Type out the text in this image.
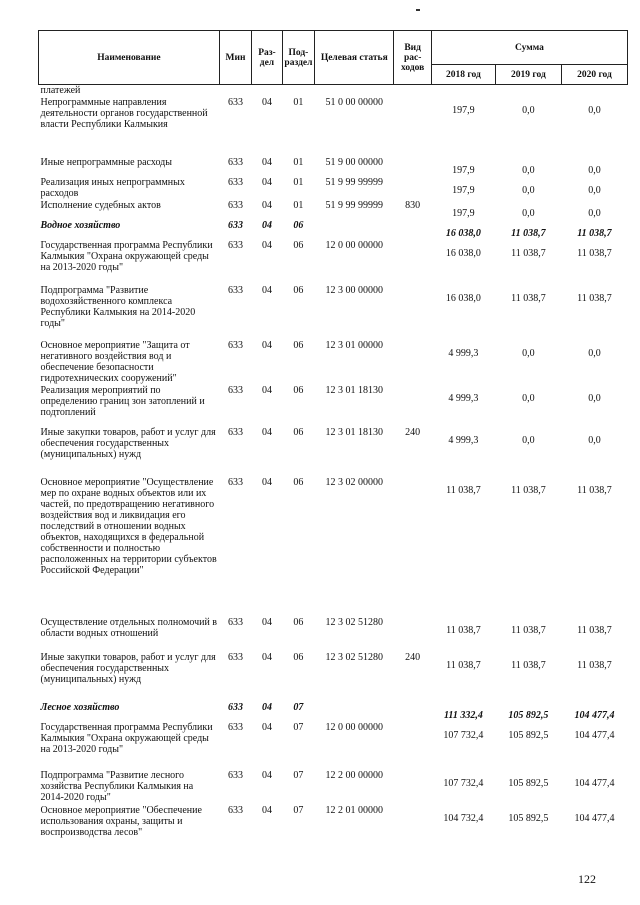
Наименование	Мин	Раз-дел	Под-раздел	Целевая статья	Вид рас-ходов	Сумма		
						2018 год	2019 год	2020 год
платежей								
Непрограммные направления деятельности органов государственной власти Республики Калмыкия	633	04	01	51 0 00 00000		197,9	0,0	0,0
Иные непрограммные расходы	633	04	01	51 9 00 00000		197,9	0,0	0,0
Реализация иных непрограммных расходов	633	04	01	51 9 99 99999		197,9	0,0	0,0
Исполнение судебных актов	633	04	01	51 9 99 99999	830	197,9	0,0	0,0
Водное хозяйство	633	04	06			16 038,0	11 038,7	11 038,7
Государственная программа Республики Калмыкия "Охрана окружающей среды на 2013-2020 годы"	633	04	06	12 0 00 00000		16 038,0	11 038,7	11 038,7
Подпрограмма "Развитие водохозяйственного комплекса Республики Калмыкия на 2014-2020 годы"	633	04	06	12 3 00 00000		16 038,0	11 038,7	11 038,7
Основное мероприятие "Защита от негативного воздействия вод и обеспечение безопасности гидротехнических сооружений"	633	04	06	12 3 01 00000		4 999,3	0,0	0,0
Реализация мероприятий по определению границ зон затоплений и подтоплений	633	04	06	12 3 01 18130		4 999,3	0,0	0,0
Иные закупки товаров, работ и услуг для обеспечения государственных (муниципальных) нужд	633	04	06	12 3 01 18130	240	4 999,3	0,0	0,0
Основное мероприятие "Осуществление мер по охране водных объектов или их частей, по предотвращению негативного воздействия вод и ликвидация его последствий в отношении водных объектов, находящихся в федеральной собственности и полностью расположенных на территории субъектов Российской Федерации"	633	04	06	12 3 02 00000		11 038,7	11 038,7	11 038,7
Осуществление отдельных полномочий в области водных отношений	633	04	06	12 3 02 51280		11 038,7	11 038,7	11 038,7
Иные закупки товаров, работ и услуг для обеспечения государственных (муниципальных) нужд	633	04	06	12 3 02 51280	240	11 038,7	11 038,7	11 038,7
Лесное хозяйство	633	04	07			111 332,4	105 892,5	104 477,4
Государственная программа Республики Калмыкия "Охрана окружающей среды на 2013-2020 годы"	633	04	07	12 0 00 00000		107 732,4	105 892,5	104 477,4
Подпрограмма "Развитие лесного хозяйства Республики Калмыкия на 2014-2020 годы"	633	04	07	12 2 00 00000		107 732,4	105 892,5	104 477,4
Основное мероприятие "Обеспечение использования охраны, защиты и воспроизводства лесов"	633	04	07	12 2 01 00000		104 732,4	105 892,5	104 477,4
122
